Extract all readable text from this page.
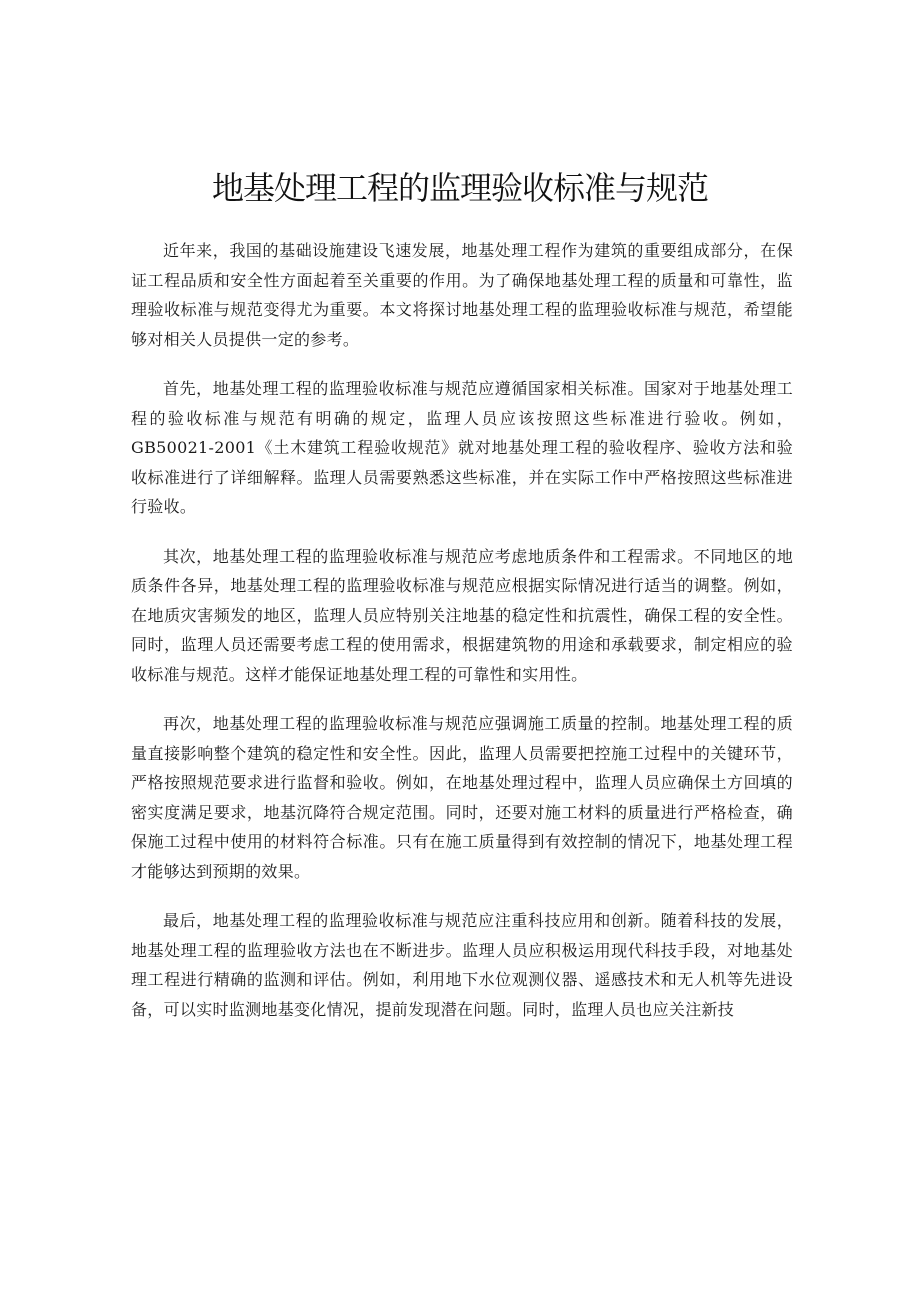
地基处理工程的监理验收标准与规范

近年来，我国的基础设施建设飞速发展，地基处理工程作为建筑的重要组成部分，在保证工程品质和安全性方面起着至关重要的作用。为了确保地基处理工程的质量和可靠性，监理验收标准与规范变得尤为重要。本文将探讨地基处理工程的监理验收标准与规范，希望能够对相关人员提供一定的参考。

首先，地基处理工程的监理验收标准与规范应遵循国家相关标准。国家对于地基处理工程的验收标准与规范有明确的规定，监理人员应该按照这些标准进行验收。例如，GB50021-2001《土木建筑工程验收规范》就对地基处理工程的验收程序、验收方法和验收标准进行了详细解释。监理人员需要熟悉这些标准，并在实际工作中严格按照这些标准进行验收。

其次，地基处理工程的监理验收标准与规范应考虑地质条件和工程需求。不同地区的地质条件各异，地基处理工程的监理验收标准与规范应根据实际情况进行适当的调整。例如，在地质灾害频发的地区，监理人员应特别关注地基的稳定性和抗震性，确保工程的安全性。同时，监理人员还需要考虑工程的使用需求，根据建筑物的用途和承载要求，制定相应的验收标准与规范。这样才能保证地基处理工程的可靠性和实用性。

再次，地基处理工程的监理验收标准与规范应强调施工质量的控制。地基处理工程的质量直接影响整个建筑的稳定性和安全性。因此，监理人员需要把控施工过程中的关键环节，严格按照规范要求进行监督和验收。例如，在地基处理过程中，监理人员应确保土方回填的密实度满足要求，地基沉降符合规定范围。同时，还要对施工材料的质量进行严格检查，确保施工过程中使用的材料符合标准。只有在施工质量得到有效控制的情况下，地基处理工程才能够达到预期的效果。

最后，地基处理工程的监理验收标准与规范应注重科技应用和创新。随着科技的发展，地基处理工程的监理验收方法也在不断进步。监理人员应积极运用现代科技手段，对地基处理工程进行精确的监测和评估。例如，利用地下水位观测仪器、遥感技术和无人机等先进设备，可以实时监测地基变化情况，提前发现潜在问题。同时，监理人员也应关注新技
